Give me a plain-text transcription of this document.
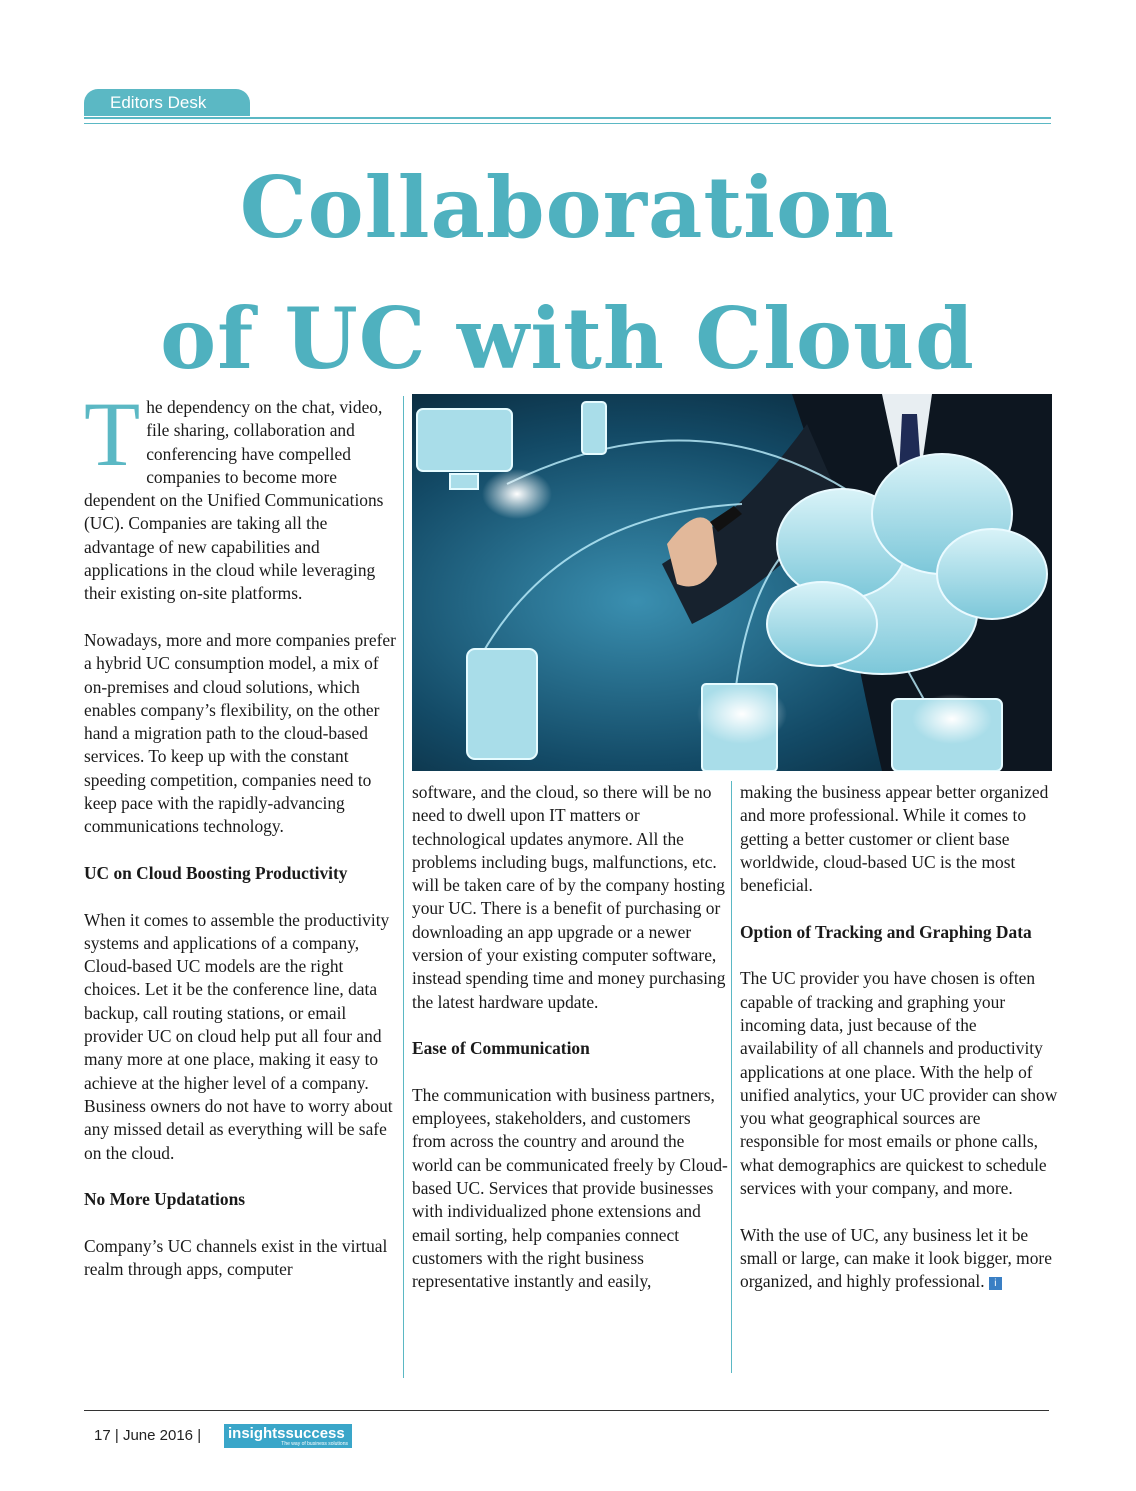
Editors Desk
Collaboration
of UC with Cloud

The dependency on the chat, video, file sharing, collaboration and conferencing have compelled companies to become more dependent on the Unified Communications (UC). Companies are taking all the advantage of new capabilities and applications in the cloud while leveraging their existing on-site platforms.

Nowadays, more and more companies prefer a hybrid UC consumption model, a mix of on-premises and cloud solutions, which enables company’s flexibility, on the other hand a migration path to the cloud-based services. To keep up with the constant speeding competition, companies need to keep pace with the rapidly-advancing communications technology.

UC on Cloud Boosting Productivity

When it comes to assemble the productivity systems and applications of a company, Cloud-based UC models are the right choices. Let it be the conference line, data backup, call routing stations, or email provider UC on cloud help put all four and many more at one place, making it easy to achieve at the higher level of a company. Business owners do not have to worry about any missed detail as everything will be safe on the cloud.

No More Updatations

Company’s UC channels exist in the virtual realm through apps, computer

software, and the cloud, so there will be no need to dwell upon IT matters or technological updates anymore. All the problems including bugs, malfunctions, etc. will be taken care of by the company hosting your UC. There is a benefit of purchasing or downloading an app upgrade or a newer version of your existing computer software, instead spending time and money purchasing the latest hardware update.

Ease of Communication

The communication with business partners, employees, stakeholders, and customers from across the country and around the world can be communicated freely by Cloud-based UC. Services that provide businesses with individualized phone extensions and email sorting, help companies connect customers with the right business representative instantly and easily,

making the business appear better organized and more professional. While it comes to getting a better customer or client base worldwide, cloud-based UC is the most beneficial.

Option of Tracking and Graphing Data

The UC provider you have chosen is often capable of tracking and graphing your incoming data, just because of the availability of all channels and productivity applications at one place. With the help of unified analytics, your UC provider can show you what geographical sources are responsible for most emails or phone calls, what demographics are quickest to schedule services with your company, and more.

With the use of UC, any business let it be small or large, can make it look bigger, more organized, and highly professional. i

17 | June 2016 | insightssuccess
The way of business solutions
